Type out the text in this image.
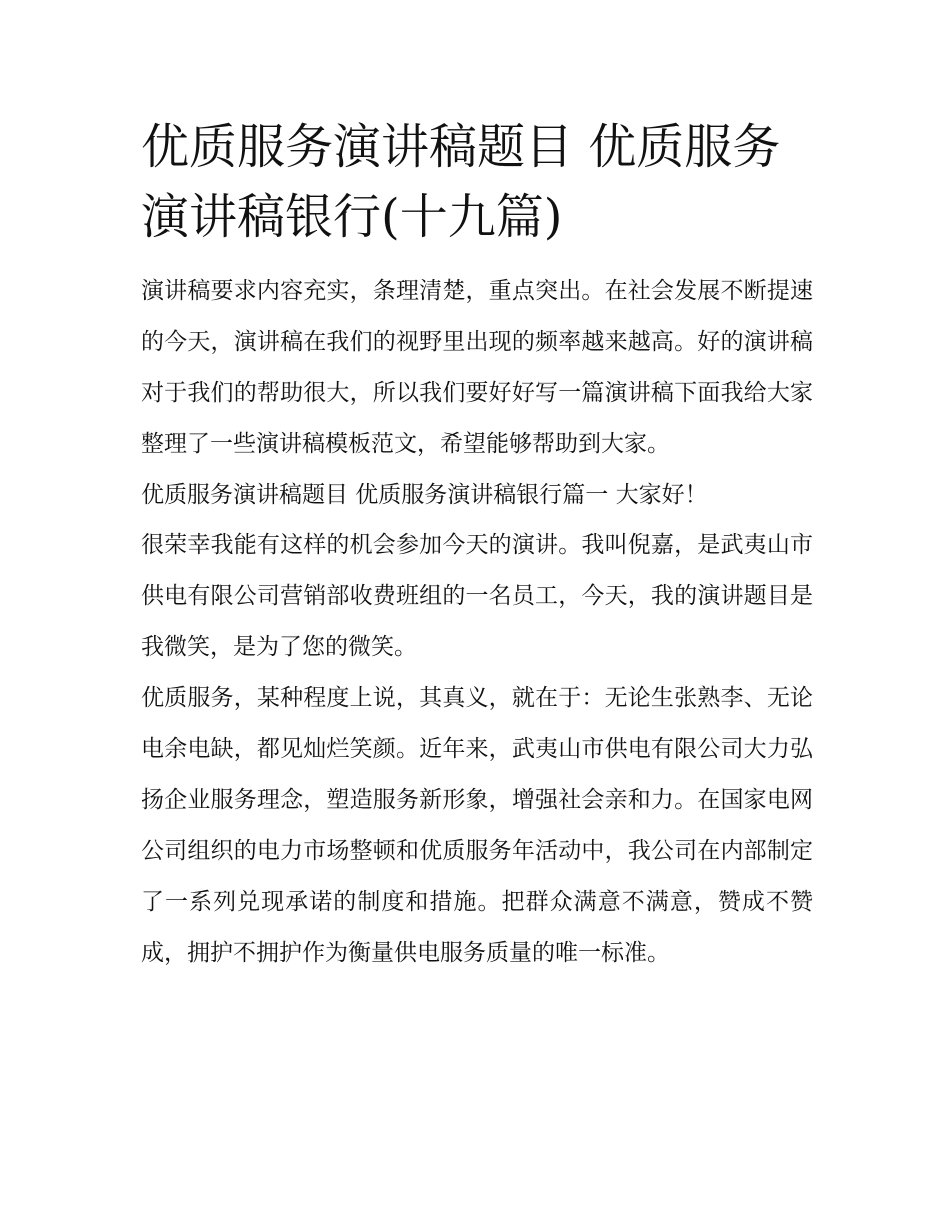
优质服务演讲稿题目 优质服务演讲稿银行(十九篇)

演讲稿要求内容充实，条理清楚，重点突出。在社会发展不断提速的今天，演讲稿在我们的视野里出现的频率越来越高。好的演讲稿对于我们的帮助很大，所以我们要好好写一篇演讲稿下面我给大家整理了一些演讲稿模板范文，希望能够帮助到大家。

优质服务演讲稿题目 优质服务演讲稿银行篇一 大家好！

很荣幸我能有这样的机会参加今天的演讲。我叫倪嘉，是武夷山市供电有限公司营销部收费班组的一名员工，今天，我的演讲题目是我微笑，是为了您的微笑。

优质服务，某种程度上说，其真义，就在于：无论生张熟李、无论电余电缺，都见灿烂笑颜。近年来，武夷山市供电有限公司大力弘扬企业服务理念，塑造服务新形象，增强社会亲和力。在国家电网公司组织的电力市场整顿和优质服务年活动中，我公司在内部制定了一系列兑现承诺的制度和措施。把群众满意不满意，赞成不赞成，拥护不拥护作为衡量供电服务质量的唯一标准。
